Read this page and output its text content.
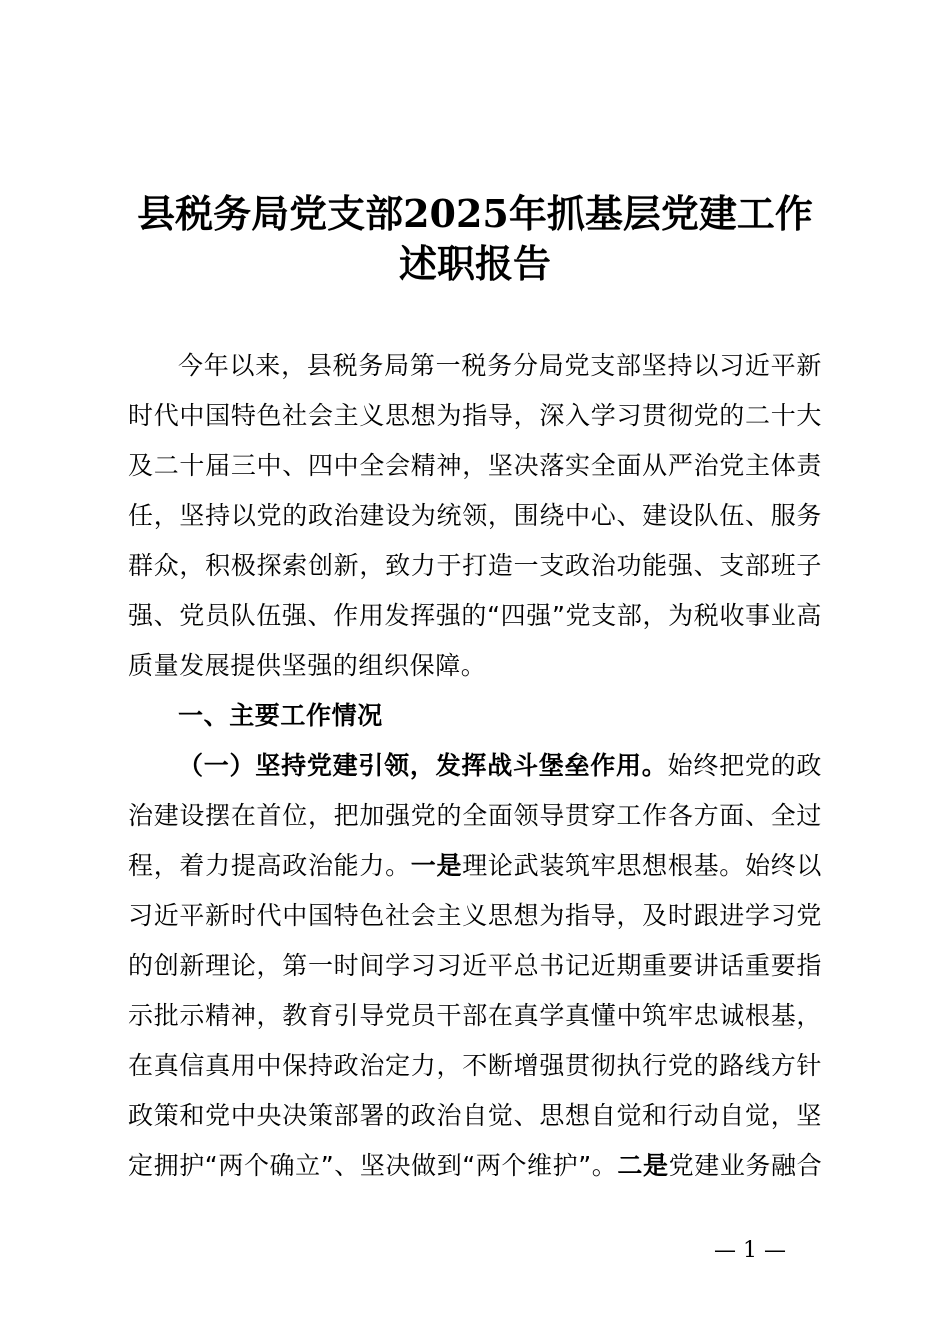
县税务局党支部2025年抓基层党建工作
述职报告
今年以来，县税务局第一税务分局党支部坚持以习近平新
时代中国特色社会主义思想为指导，深入学习贯彻党的二十大
及二十届三中、四中全会精神，坚决落实全面从严治党主体责
任，坚持以党的政治建设为统领，围绕中心、建设队伍、服务
群众，积极探索创新，致力于打造一支政治功能强、支部班子
强、党员队伍强、作用发挥强的“四强”党支部，为税收事业高
质量发展提供坚强的组织保障。
一、主要工作情况
（一）坚持党建引领，发挥战斗堡垒作用。始终把党的政
治建设摆在首位，把加强党的全面领导贯穿工作各方面、全过
程，着力提高政治能力。一是理论武装筑牢思想根基。始终以
习近平新时代中国特色社会主义思想为指导，及时跟进学习党
的创新理论，第一时间学习习近平总书记近期重要讲话重要指
示批示精神，教育引导党员干部在真学真懂中筑牢忠诚根基，
在真信真用中保持政治定力，不断增强贯彻执行党的路线方针
政策和党中央决策部署的政治自觉、思想自觉和行动自觉，坚
定拥护“两个确立”、坚决做到“两个维护”。二是党建业务融合
— 1 —
